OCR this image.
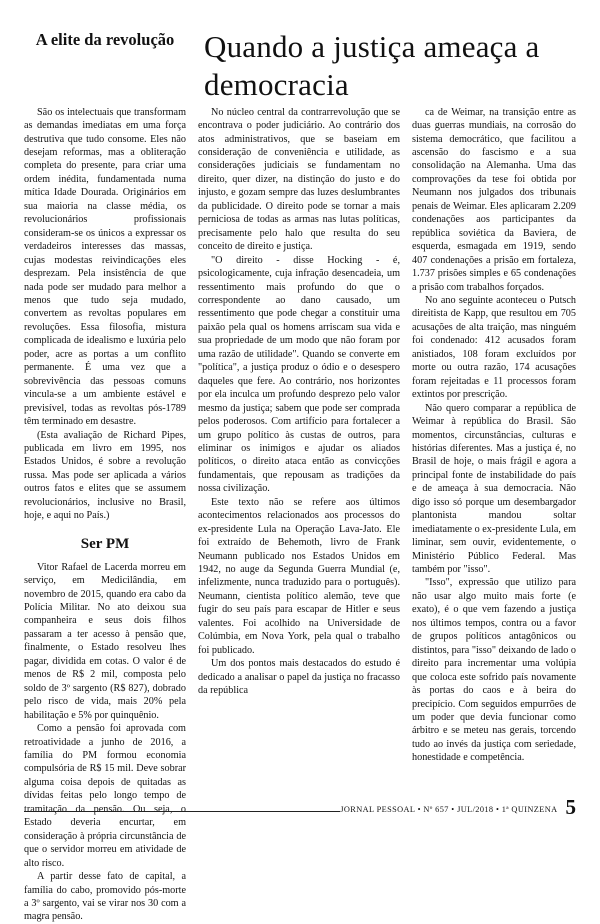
A elite da revolução Quando a justiça ameaça a democracia

São os intelectuais que transformam as demandas imediatas em uma força destrutiva que tudo consome. Eles não desejam reformas, mas a obliteração completa do presente, para criar uma ordem inédita, fundamentada numa mítica Idade Dourada. Originários em sua maioria na classe média, os revolucionários profissionais consideram-se os únicos a expressar os verdadeiros interesses das massas, cujas modestas reivindicações eles desprezam. Pela insistência de que nada pode ser mudado para melhor a menos que tudo seja mudado, convertem as revoltas populares em revoluções. Essa filosofia, mistura complicada de idealismo e luxúria pelo poder, acre as portas a um conflito permanente. É uma vez que a sobrevivência das pessoas comuns vincula-se a um ambiente estável e previsível, todas as revoltas pós-1789 têm terminado em desastre.

(Esta avaliação de Richard Pipes, publicada em livro em 1995, nos Estados Unidos, é sobre a revolução russa. Mas pode ser aplicada a vários outros fatos e elites que se assumem revolucionários, inclusive no Brasil, hoje, e aqui no País.)

Ser PM

Vitor Rafael de Lacerda morreu em serviço, em Medicilândia, em novembro de 2015, quando era cabo da Polícia Militar. No ato deixou sua companheira e seus dois filhos passaram a ter acesso à pensão que, finalmente, o Estado resolveu lhes pagar, dividida em cotas. O valor é de menos de R$ 2 mil, composta pelo soldo de 3º sargento (R$ 827), dobrado pelo risco de vida, mais 20% pela habilitação e 5% por quinquênio.

Como a pensão foi aprovada com retroatividade a junho de 2016, a família do PM formou economia compulsória de R$ 15 mil. Deve sobrar alguma coisa depois de quitadas as dívidas feitas pelo longo tempo de tramitação da pensão. Ou seja, o Estado deveria encurtar, em consideração à própria circunstância de que o servidor morreu em atividade de alto risco.

A partir desse fato de capital, a família do cabo, promovido pós-morte a 3º sargento, vai se virar nos 30 com a magra pensão.

No núcleo central da contrarrevolução que se encontrava o poder judiciário. Ao contrário dos atos administrativos, que se baseiam em consideração de conveniência e utilidade, as considerações judiciais se fundamentam no direito, quer dizer, na distinção do justo e do injusto, e gozam sempre das luzes deslumbrantes da publicidade. O direito pode se tornar a mais perniciosa de todas as armas nas lutas políticas, precisamente pelo halo que resulta do seu conceito de direito e justiça.

"O direito - disse Hocking - é, psicologicamente, cuja infração desencadeia, um ressentimento mais profundo do que o correspondente ao dano causado, um ressentimento que pode chegar a constituir uma paixão pela qual os homens arriscam sua vida e sua propriedade de um modo que não foram por uma razão de utilidade". Quando se converte em "política", a justiça produz o ódio e o desespero daqueles que fere. Ao contrário, nos horizontes por ela inculca um profundo desprezo pelo valor mesmo da justiça; sabem que pode ser comprada pelos poderosos. Com artifício para fortalecer a um grupo político às custas de outros, para eliminar os inimigos e ajudar os aliados políticos, o direito ataca então as convicções fundamentais, que repousam as tradições da nossa civilização.

Este texto não se refere aos últimos acontecimentos relacionados aos processos do ex-presidente Lula na Operação Lava-Jato. Ele foi extraído de Behemoth, livro de Frank Neumann publicado nos Estados Unidos em 1942, no auge da Segunda Guerra Mundial (e, infelizmente, nunca traduzido para o português). Neumann, cientista político alemão, teve que fugir do seu país para escapar de Hitler e seus valentes. Foi acolhido na Universidade de Colúmbia, em Nova York, pela qual o trabalho foi publicado.

Um dos pontos mais destacados do estudo é dedicado a analisar o papel da justiça no fracasso da república

ca de Weimar, na transição entre as duas guerras mundiais, na corrosão do sistema democrático, que facilitou a ascensão do fascismo e a sua consolidação na Alemanha. Uma das comprovações da tese foi obtida por Neumann nos julgados dos tribunais penais de Weimar. Eles aplicaram 2.209 condenações aos participantes da república soviética da Baviera, de esquerda, esmagada em 1919, sendo 407 condenações a prisão em fortaleza, 1.737 prisões simples e 65 condenações a prisão com trabalhos forçados.

No ano seguinte aconteceu o Putsch direitista de Kapp, que resultou em 705 acusações de alta traição, mas ninguém foi condenado: 412 acusados foram anistiados, 108 foram excluídos por morte ou outra razão, 174 acusações foram rejeitadas e 11 processos foram extintos por prescrição.

Não quero comparar a república de Weimar à república do Brasil. São momentos, circunstâncias, culturas e histórias diferentes. Mas a justiça é, no Brasil de hoje, o mais frágil e agora a principal fonte de instabilidade do país e de ameaça à sua democracia. Não digo isso só porque um desembargador plantonista mandou soltar imediatamente o ex-presidente Lula, em liminar, sem ouvir, evidentemente, o Ministério Público Federal. Mas também por "isso".

"Isso", expressão que utilizo para não usar algo muito mais forte (e exato), é o que vem fazendo a justiça nos últimos tempos, contra ou a favor de grupos políticos antagônicos ou distintos, para "isso" deixando de lado o direito para incrementar uma volúpia que coloca este sofrido país novamente às portas do caos e à beira do precipício. Com seguidos empurrões de um poder que devia funcionar como árbitro e se meteu nas gerais, torcendo tudo ao invés da justiça com seriedade, honestidade e competência.

JORNAL PESSOAL • Nº 657 • JUL/2018 • 1ª QUINZENA 5
